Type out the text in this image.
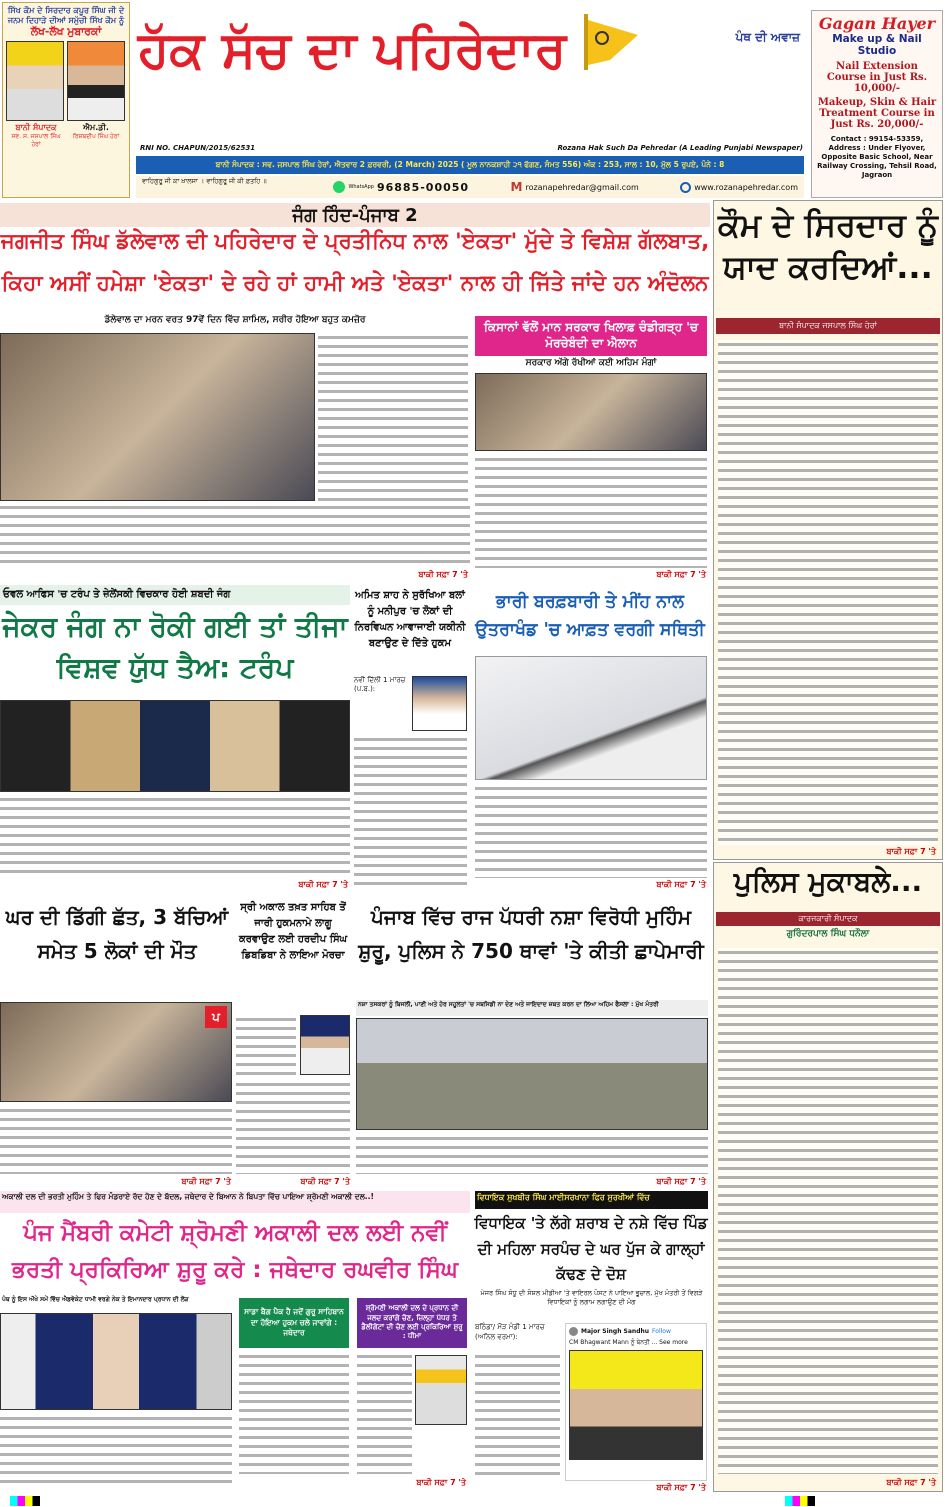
ਸਿੱਖ ਕੌਮ ਦੇ ਸਿਰਦਾਰ ਕਪੂਰ ਸਿੰਘ ਜੀ ਦੇ ਜਨਮ ਦਿਹਾੜੇ ਦੀਆਂ ਸਮੁੱਚੀ ਸਿੱਖ ਕੌਮ ਨੂੰ
ਲੱਖ-ਲੱਖ ਮੁਬਾਰਕਾਂ
ਬਾਨੀ ਸੰਪਾਦਕ
ਸਵ. ਸ. ਜਸਪਾਲ ਸਿੰਘ ਹੇਰਾਂ
ਐਮ.ਡੀ.
ਰਿਸ਼ਬਦੀਪ ਸਿੰਘ ਹੇਰਾਂ
ਹੱਕ ਸੱਚ ਦਾ ਪਹਿਰੇਦਾਰ	ਪੰਥ ਦੀ ਅਵਾਜ਼
RNI NO. CHAPUN/2015/62531	Rozana Hak Such Da Pehredar (A Leading Punjabi Newspaper)
ਬਾਨੀ ਸੰਪਾਦਕ : ਸਵ. ਜਸਪਾਲ ਸਿੰਘ ਹੇਰਾਂ, ਐਤਵਾਰ 2 ਫ਼ਰਵਰੀ, (2 March) 2025 ( ਮੂਲ ਨਾਨਕਸ਼ਾਹੀ ੨੧ ਫੱਗਣ, ਸੰਮਤ 556) ਅੰਕ : 253, ਸਾਲ : 10, ਮੁੱਲ 5 ਰੁਪਏ, ਪੰਨੇ : 8
ਵਾਹਿਗੁਰੂ ਜੀ ਕਾ ਖ਼ਾਲਸਾ । ਵਾਹਿਗੁਰੂ ਜੀ ਕੀ ਫ਼ਤਹਿ ॥
WhatsApp 96885-00050	M rozanapehredar@gmail.com	www.rozanapehredar.com
Gagan Hayer
Make up & Nail Studio
Nail Extension Course in Just Rs. 10,000/-
Makeup, Skin & Hair Treatment Course in Just Rs. 20,000/-
Contact : 99154-53359, Address : Under Flyover, Opposite Basic School, Near Railway Crossing, Tehsil Road, Jagraon
ਜੰਗ ਹਿੰਦ-ਪੰਜਾਬ 2
ਜਗਜੀਤ ਸਿੰਘ ਡੱਲੇਵਾਲ ਦੀ ਪਹਿਰੇਦਾਰ ਦੇ ਪ੍ਰਤੀਨਿਧ ਨਾਲ 'ਏਕਤਾ' ਮੁੱਦੇ ਤੇ ਵਿਸ਼ੇਸ਼ ਗੱਲਬਾਤ,
ਕਿਹਾ ਅਸੀਂ ਹਮੇਸ਼ਾ 'ਏਕਤਾ' ਦੇ ਰਹੇ ਹਾਂ ਹਾਮੀ ਅਤੇ 'ਏਕਤਾ' ਨਾਲ ਹੀ ਜਿੱਤੇ ਜਾਂਦੇ ਹਨ ਅੰਦੋਲਨ
ਡੱਲੇਵਾਲ ਦਾ ਮਰਨ ਵਰਤ 97ਵੇਂ ਦਿਨ ਵਿੱਚ ਸ਼ਾਮਿਲ, ਸਰੀਰ ਹੋਇਆ ਬਹੁਤ ਕਮਜ਼ੋਰ
ਬਾਕੀ ਸਫ਼ਾ 7 'ਤੇ
ਕਿਸਾਨਾਂ ਵੱਲੋਂ ਮਾਨ ਸਰਕਾਰ ਖਿਲਾਫ਼ ਚੰਡੀਗੜ੍ਹ 'ਚ ਮੋਰਚੇਬੰਦੀ ਦਾ ਐਲਾਨ
ਸਰਕਾਰ ਅੱਗੇ ਰੱਖੀਆਂ ਕਈ ਅਹਿਮ ਮੰਗਾਂ
ਬਾਕੀ ਸਫ਼ਾ 7 'ਤੇ
ਕੌਮ ਦੇ ਸਿਰਦਾਰ ਨੂੰ ਯਾਦ ਕਰਦਿਆਂ...
ਬਾਨੀ ਸੰਪਾਦਕ ਜਸਪਾਲ ਸਿੰਘ ਹੇਰਾਂ
ਬਾਕੀ ਸਫ਼ਾ 7 'ਤੇ
ਪੁਲਿਸ ਮੁਕਾਬਲੇ...
ਕਾਰਜਕਾਰੀ ਸੰਪਾਦਕ
ਗੁਰਿੰਦਰਪਾਲ ਸਿੰਘ ਧਨੌਲਾ
ਬਾਕੀ ਸਫ਼ਾ 7 'ਤੇ
ਓਵਲ ਆਫਿਸ 'ਚ ਟਰੰਪ ਤੇ ਜ਼ੇਲੇਂਸਕੀ ਵਿਚਕਾਰ ਹੋਈ ਸ਼ਬਦੀ ਜੰਗ
ਜੇਕਰ ਜੰਗ ਨਾ ਰੋਕੀ ਗਈ ਤਾਂ ਤੀਜਾ ਵਿਸ਼ਵ ਯੁੱਧ ਤੈਅ: ਟਰੰਪ
ਬਾਕੀ ਸਫ਼ਾ 7 'ਤੇ
ਅਮਿਤ ਸ਼ਾਹ ਨੇ ਸੁਰੱਖਿਆ ਬਲਾਂ ਨੂੰ ਮਨੀਪੁਰ 'ਚ ਲੋਕਾਂ ਦੀ ਨਿਰਵਿਘਨ ਆਵਾਜਾਈ ਯਕੀਨੀ ਬਣਾਉਣ ਦੇ ਦਿੱਤੇ ਹੁਕਮ
ਨਵੀਂ ਦਿੱਲੀ 1 ਮਾਰਚ (ਪ.ਬ.):
ਭਾਰੀ ਬਰਫ਼ਬਾਰੀ ਤੇ ਮੀਂਹ ਨਾਲ ਉਤਰਾਖੰਡ 'ਚ ਆਫ਼ਤ ਵਰਗੀ ਸਥਿਤੀ
ਬਾਕੀ ਸਫ਼ਾ 7 'ਤੇ
ਘਰ ਦੀ ਡਿੱਗੀ ਛੱਤ, 3 ਬੱਚਿਆਂ ਸਮੇਤ 5 ਲੋਕਾਂ ਦੀ ਮੌਤ
ਪ
ਬਾਕੀ ਸਫ਼ਾ 7 'ਤੇ
ਸ੍ਰੀ ਅਕਾਲ ਤਖ਼ਤ ਸਾਹਿਬ ਤੋਂ ਜਾਰੀ ਹੁਕਮਨਾਮੇ ਲਾਗੂ ਕਰਵਾਉਣ ਲਈ ਹਰਦੀਪ ਸਿੰਘ ਡਿਬਡਿਬਾ ਨੇ ਲਾਇਆ ਮੋਰਚਾ
ਬਾਕੀ ਸਫ਼ਾ 7 'ਤੇ
ਪੰਜਾਬ ਵਿੱਚ ਰਾਜ ਪੱਧਰੀ ਨਸ਼ਾ ਵਿਰੋਧੀ ਮੁਹਿੰਮ ਸ਼ੁਰੂ, ਪੁਲਿਸ ਨੇ 750 ਥਾਵਾਂ 'ਤੇ ਕੀਤੀ ਛਾਪੇਮਾਰੀ
ਨਸ਼ਾ ਤਸਕਰਾਂ ਨੂੰ ਬਿਜਲੀ, ਪਾਣੀ ਅਤੇ ਹੋਰ ਸਹੂਲਤਾਂ 'ਚ ਸਬਸਿਡੀ ਨਾ ਦੇਣ ਅਤੇ ਜਾਇਦਾਦ ਜ਼ਬਤ ਕਰਨ ਦਾ ਲਿਆ ਅਹਿਮ ਫੈਸਲਾ : ਮੁੱਖ ਮੰਤਰੀ
ਬਾਕੀ ਸਫ਼ਾ 7 'ਤੇ
ਅਕਾਲੀ ਦਲ ਦੀ ਭਰਤੀ ਮੁਹਿੰਮ ਤੇ ਫਿਰ ਮੰਡਰਾਏ ਰੱਦ ਹੋਣ ਦੇ ਬੱਦਲ, ਜਥੇਦਾਰ ਦੇ ਬਿਆਨ ਨੇ ਬਿਪਤਾ ਵਿੱਚ ਪਾਇਆ ਸ਼੍ਰੋਮਣੀ ਅਕਾਲੀ ਦਲ..!
ਪੰਜ ਮੈਂਬਰੀ ਕਮੇਟੀ ਸ਼੍ਰੋਮਣੀ ਅਕਾਲੀ ਦਲ ਲਈ ਨਵੀਂ ਭਰਤੀ ਪ੍ਰਕਿਰਿਆ ਸ਼ੁਰੂ ਕਰੇ : ਜਥੇਦਾਰ ਰਘਵੀਰ ਸਿੰਘ
ਪੰਥ ਨੂੰ ਇਸ ਔਖੇ ਸਮੇਂ ਵਿੱਚ ਐਡਵੋਕੇਟ ਧਾਮੀ ਵਰਗੇ ਨੇਕ ਤੇ ਇਮਾਨਦਾਰ ਪ੍ਰਧਾਨ ਦੀ ਲੋੜ
ਸਾਡਾ ਬੈਗ ਪੈਕ ਹੈ ਜਦੋਂ ਗੁਰੂ ਸਾਹਿਬਾਨ ਦਾ ਹੋਇਆ ਹੁਕਮ ਚਲੇ ਜਾਵਾਂਗੇ : ਜਥੇਦਾਰ
ਸ਼੍ਰੋਮਣੀ ਅਕਾਲੀ ਦਲ ਦੇ ਪ੍ਰਧਾਨ ਦੀ ਜਲਦ ਕਰਾਂਗੇ ਚੋਣ, ਜ਼ਿਲ੍ਹਾ ਪੱਧਰ ਤੇ ਡੈਲੀਗੇਟਾਂ ਦੀ ਚੋਣ ਲਈ ਪ੍ਰਕਿਰਿਆ ਸ਼ੁਰੂ : ਧੀਮਾ
ਬਾਕੀ ਸਫ਼ਾ 7 'ਤੇ
ਵਿਧਾਇਕ ਸੁਖਬੀਰ ਸਿੰਘ ਮਾਈਸਰਖਾਨਾ ਫਿਰ ਸੁਰਖੀਆਂ ਵਿੱਚ
ਵਿਧਾਇਕ 'ਤੇ ਲੱਗੇ ਸ਼ਰਾਬ ਦੇ ਨਸ਼ੇ ਵਿੱਚ ਪਿੰਡ ਦੀ ਮਹਿਲਾ ਸਰਪੰਚ ਦੇ ਘਰ ਪੁੱਜ ਕੇ ਗਾਲ੍ਹਾਂ ਕੱਢਣ ਦੇ ਦੋਸ਼
ਮੇਜਰ ਸਿੰਘ ਸੰਧੂ ਦੀ ਸੋਸ਼ਲ ਮੀਡੀਆ 'ਤੇ ਵਾਇਰਲ ਪੋਸਟ ਨੇ ਪਾਇਆ ਭੂਚਾਲ, ਮੁੱਖ ਮੰਤਰੀ ਤੋਂ ਵਿਗੜੇ ਵਿਧਾਇਕਾਂ ਨੂੰ ਲਗਾਮ ਲਗਾਉਣ ਦੀ ਮੰਗ
ਬਠਿੰਡਾ/ ਮੌੜ ਮੰਡੀ 1 ਮਾਰਚ (ਅਨਿਲ ਵਰਮਾ):
Major Singh Sandhu Follow
CM Bhagwant Mann ਨੂੰ ਬੇਨਤੀ ... See more
ਬਾਕੀ ਸਫ਼ਾ 7 'ਤੇ
